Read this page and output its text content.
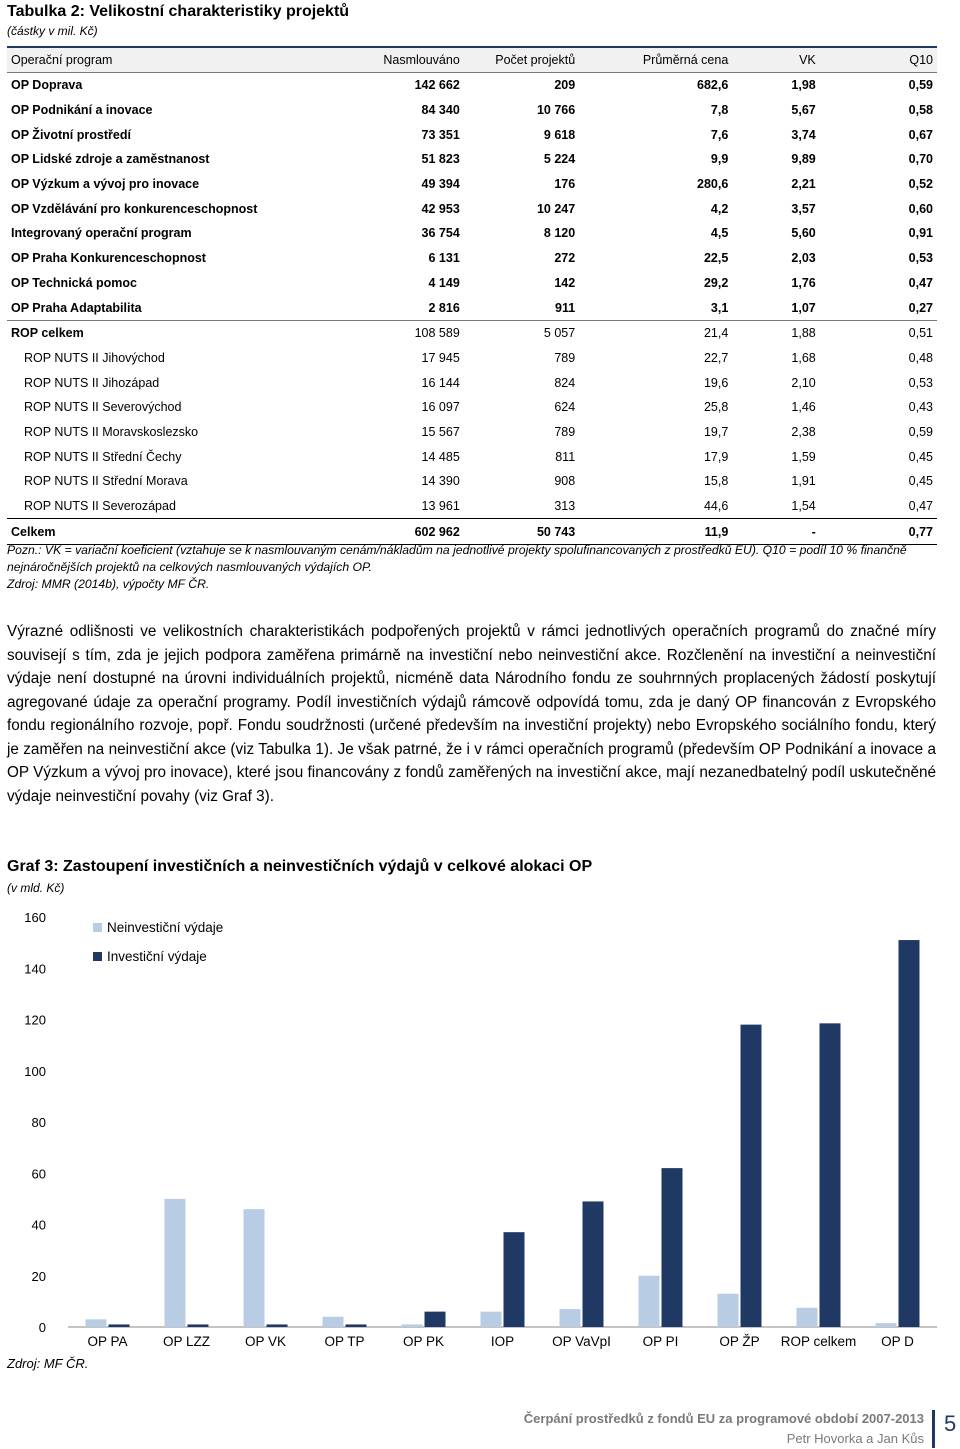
Tabulka 2: Velikostní charakteristiky projektů
(částky v mil. Kč)
Operační program	Nasmlouváno	Počet projektů	Průměrná cena	VK	Q10
OP Doprava	142 662	209	682,6	1,98	0,59
OP Podnikání a inovace	84 340	10 766	7,8	5,67	0,58
OP Životní prostředí	73 351	9 618	7,6	3,74	0,67
OP Lidské zdroje a zaměstnanost	51 823	5 224	9,9	9,89	0,70
OP Výzkum a vývoj pro inovace	49 394	176	280,6	2,21	0,52
OP Vzdělávání pro konkurenceschopnost	42 953	10 247	4,2	3,57	0,60
Integrovaný operační program	36 754	8 120	4,5	5,60	0,91
OP Praha Konkurenceschopnost	6 131	272	22,5	2,03	0,53
OP Technická pomoc	4 149	142	29,2	1,76	0,47
OP Praha Adaptabilita	2 816	911	3,1	1,07	0,27
ROP celkem	108 589	5 057	21,4	1,88	0,51
ROP NUTS II Jihovýchod	17 945	789	22,7	1,68	0,48
ROP NUTS II Jihozápad	16 144	824	19,6	2,10	0,53
ROP NUTS II Severovýchod	16 097	624	25,8	1,46	0,43
ROP NUTS II Moravskoslezsko	15 567	789	19,7	2,38	0,59
ROP NUTS II Střední Čechy	14 485	811	17,9	1,59	0,45
ROP NUTS II Střední Morava	14 390	908	15,8	1,91	0,45
ROP NUTS II Severozápad	13 961	313	44,6	1,54	0,47
Celkem	602 962	50 743	11,9	-	0,77
Pozn.: VK = variační koeficient (vztahuje se k nasmlouvaným cenám/nákladům na jednotlivé projekty spolufinancovaných z prostředků EU). Q10 = podíl 10 % finančně nejnáročnějších projektů na celkových nasmlouvaných výdajích OP.
Zdroj: MMR (2014b), výpočty MF ČR.
Výrazné odlišnosti ve velikostních charakteristikách podpořených projektů v rámci jednotlivých operačních programů do značné míry souvisejí s tím, zda je jejich podpora zaměřena primárně na investiční nebo neinvestiční akce. Rozčlenění na investiční a neinvestiční výdaje není dostupné na úrovni individuálních projektů, nicméně data Národního fondu ze souhrnných proplacených žádostí poskytují agregované údaje za operační programy. Podíl investičních výdajů rámcově odpovídá tomu, zda je daný OP financován z Evropského fondu regionálního rozvoje, popř. Fondu soudržnosti (určené především na investiční projekty) nebo Evropského sociálního fondu, který je zaměřen na neinvestiční akce (viz Tabulka 1). Je však patrné, že i v rámci operačních programů (především OP Podnikání a inovace a OP Výzkum a vývoj pro inovace), které jsou financovány z fondů zaměřených na investiční akce, mají nezanedbatelný podíl uskutečněné výdaje neinvestiční povahy (viz Graf 3).
Graf 3: Zastoupení investičních a neinvestičních výdajů v celkové alokaci OP
(v mld. Kč)
0
20
40
60
80
100
120
140
160
OP PA	OP LZZ	OP VK	OP TP	OP PK	IOP	OP VaVpI OP PI	OP ŽP ROP celkem OP D
Neinvestiční výdaje
Investiční výdaje
Zdroj: MF ČR.
Čerpání prostředků z fondů EU za programové období 2007-2013
Petr Hovorka a Jan Kůs
5
